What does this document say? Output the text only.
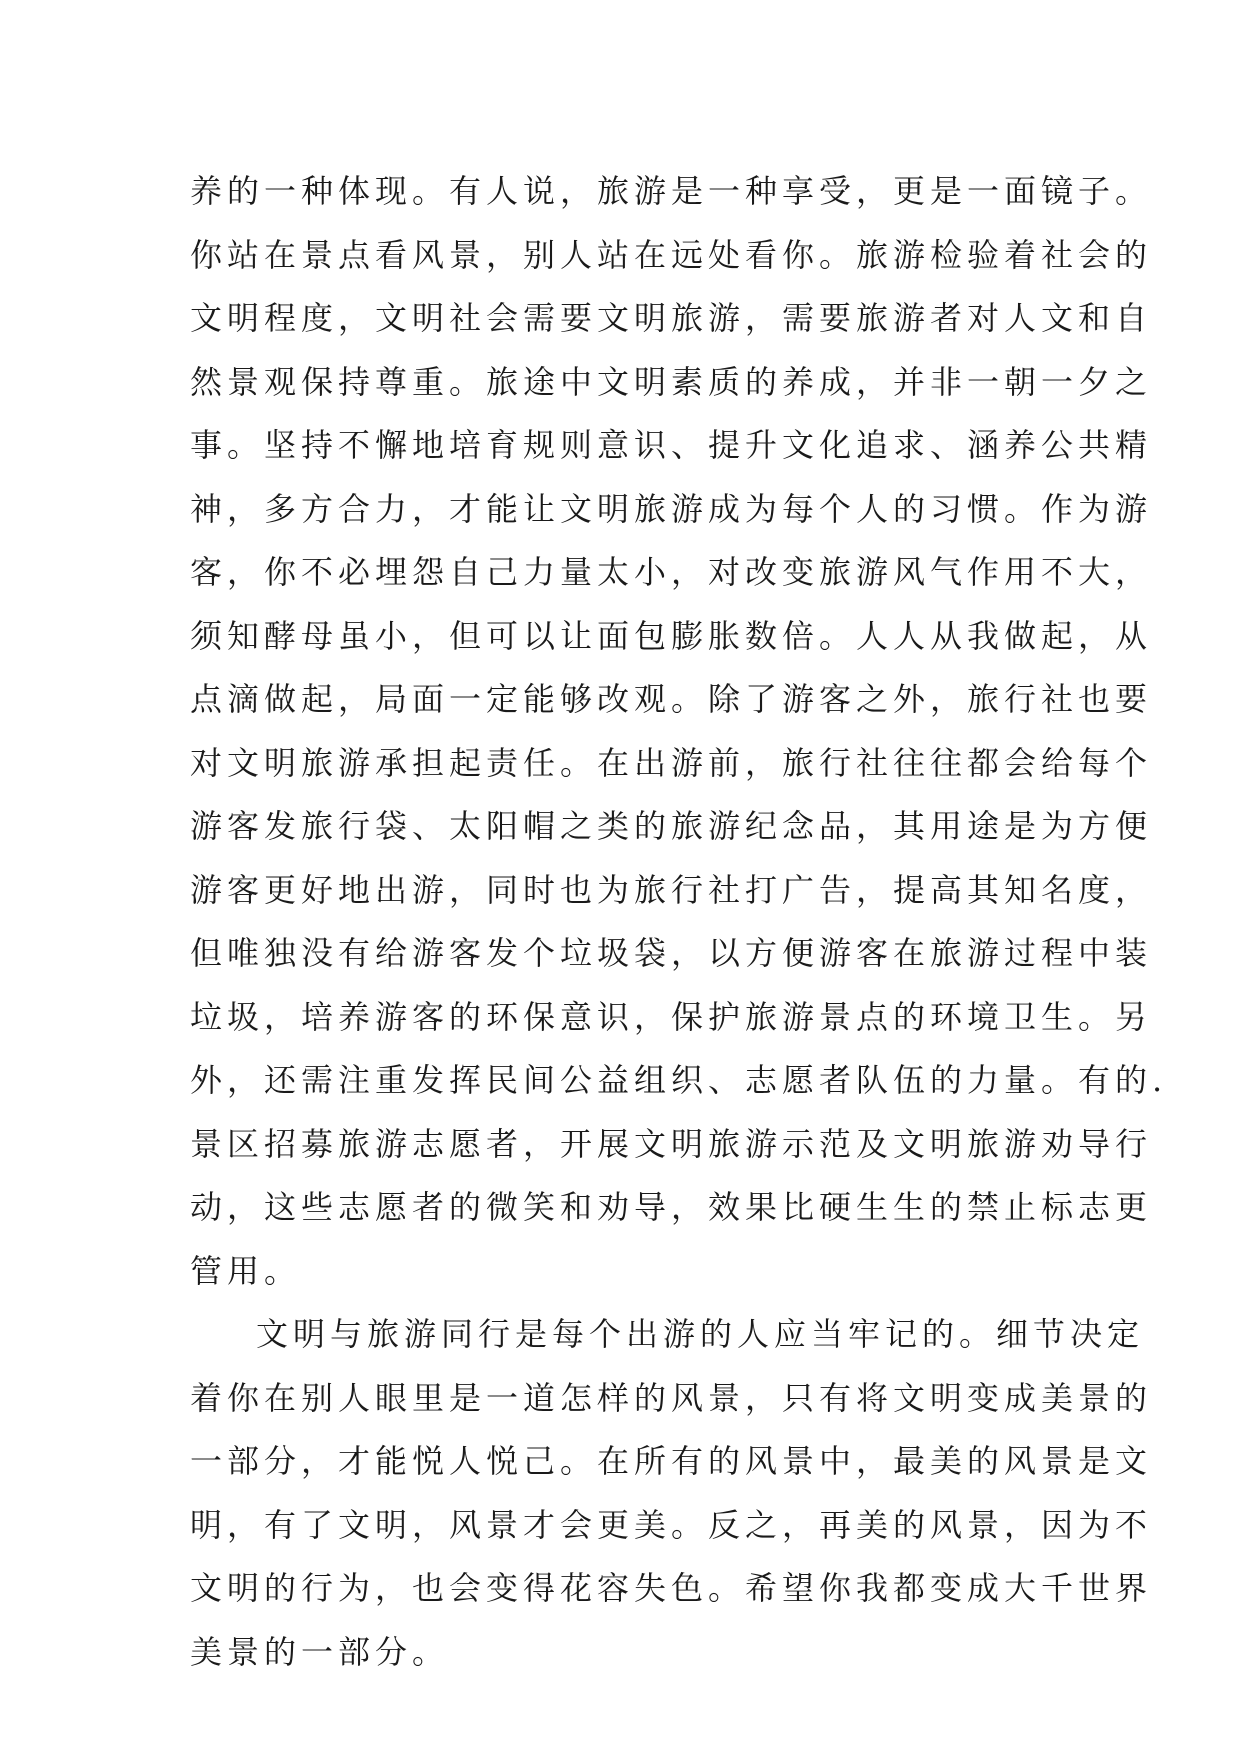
养的一种体现。有人说，旅游是一种享受，更是一面镜子。
你站在景点看风景，别人站在远处看你。旅游检验着社会的
文明程度，文明社会需要文明旅游，需要旅游者对人文和自
然景观保持尊重。旅途中文明素质的养成，并非一朝一夕之
事。坚持不懈地培育规则意识、提升文化追求、涵养公共精
神，多方合力，才能让文明旅游成为每个人的习惯。作为游
客，你不必埋怨自己力量太小，对改变旅游风气作用不大，
须知酵母虽小，但可以让面包膨胀数倍。人人从我做起，从
点滴做起，局面一定能够改观。除了游客之外，旅行社也要
对文明旅游承担起责任。在出游前，旅行社往往都会给每个
游客发旅行袋、太阳帽之类的旅游纪念品，其用途是为方便
游客更好地出游，同时也为旅行社打广告，提高其知名度，
但唯独没有给游客发个垃圾袋，以方便游客在旅游过程中装
垃圾，培养游客的环保意识，保护旅游景点的环境卫生。另
外，还需注重发挥民间公益组织、志愿者队伍的力量。有的.
景区招募旅游志愿者，开展文明旅游示范及文明旅游劝导行
动，这些志愿者的微笑和劝导，效果比硬生生的禁止标志更
管用。
文明与旅游同行是每个出游的人应当牢记的。细节决定
着你在别人眼里是一道怎样的风景，只有将文明变成美景的
一部分，才能悦人悦己。在所有的风景中，最美的风景是文
明，有了文明，风景才会更美。反之，再美的风景，因为不
文明的行为，也会变得花容失色。希望你我都变成大千世界
美景的一部分。
